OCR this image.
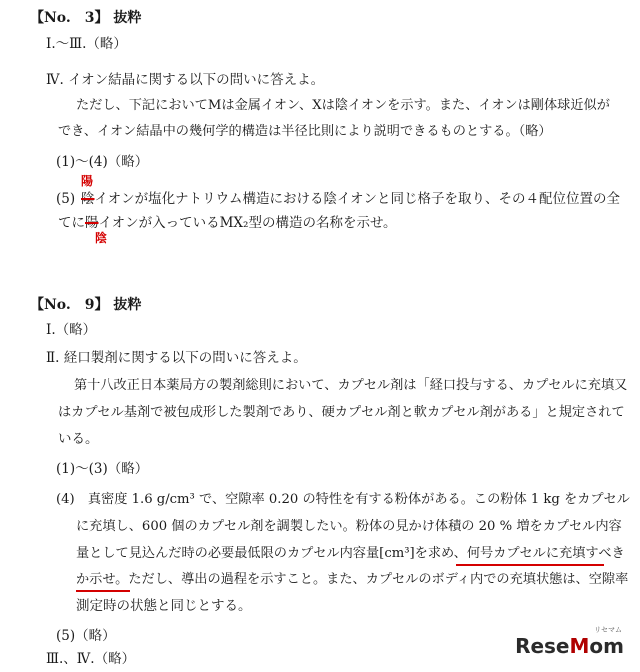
【No.　3】 抜粋
Ⅰ.～Ⅲ.（略）
Ⅳ. イオン結晶に関する以下の問いに答えよ。
ただし、下記においてMは金属イオン、Xは陰イオンを示す。また、イオンは剛体球近似が
でき、イオン結晶中の幾何学的構造は半径比則により説明できるものとする。（略）
(1)～(4)（略）
陽
(5) 陰イオンが塩化ナトリウム構造における陰イオンと同じ格子を取り、その４配位位置の全
てに陽イオンが入っているMX₂型の構造の名称を示せ。
陰
【No.　9】 抜粋
Ⅰ.（略）
Ⅱ. 経口製剤に関する以下の問いに答えよ。
第十八改正日本薬局方の製剤総則において、カプセル剤は「経口投与する、カプセルに充填又
はカプセル基剤で被包成形した製剤であり、硬カプセル剤と軟カプセル剤がある」と規定されて
いる。
(1)～(3)（略）
(4)　真密度 1.6 g/cm³ で、空隙率 0.20 の特性を有する粉体がある。この粉体 1 kg をカプセル
に充填し、600 個のカプセル剤を調製したい。粉体の見かけ体積の 20 % 増をカプセル内容
量として見込んだ時の必要最低限のカプセル内容量[cm³]を求め、何号カプセルに充填すべき
か示せ。ただし、導出の過程を示すこと。また、カプセルのボディ内での充填状態は、空隙率
測定時の状態と同じとする。
(5)（略）
Ⅲ.、Ⅳ.（略）
リセマム
ReseMom
